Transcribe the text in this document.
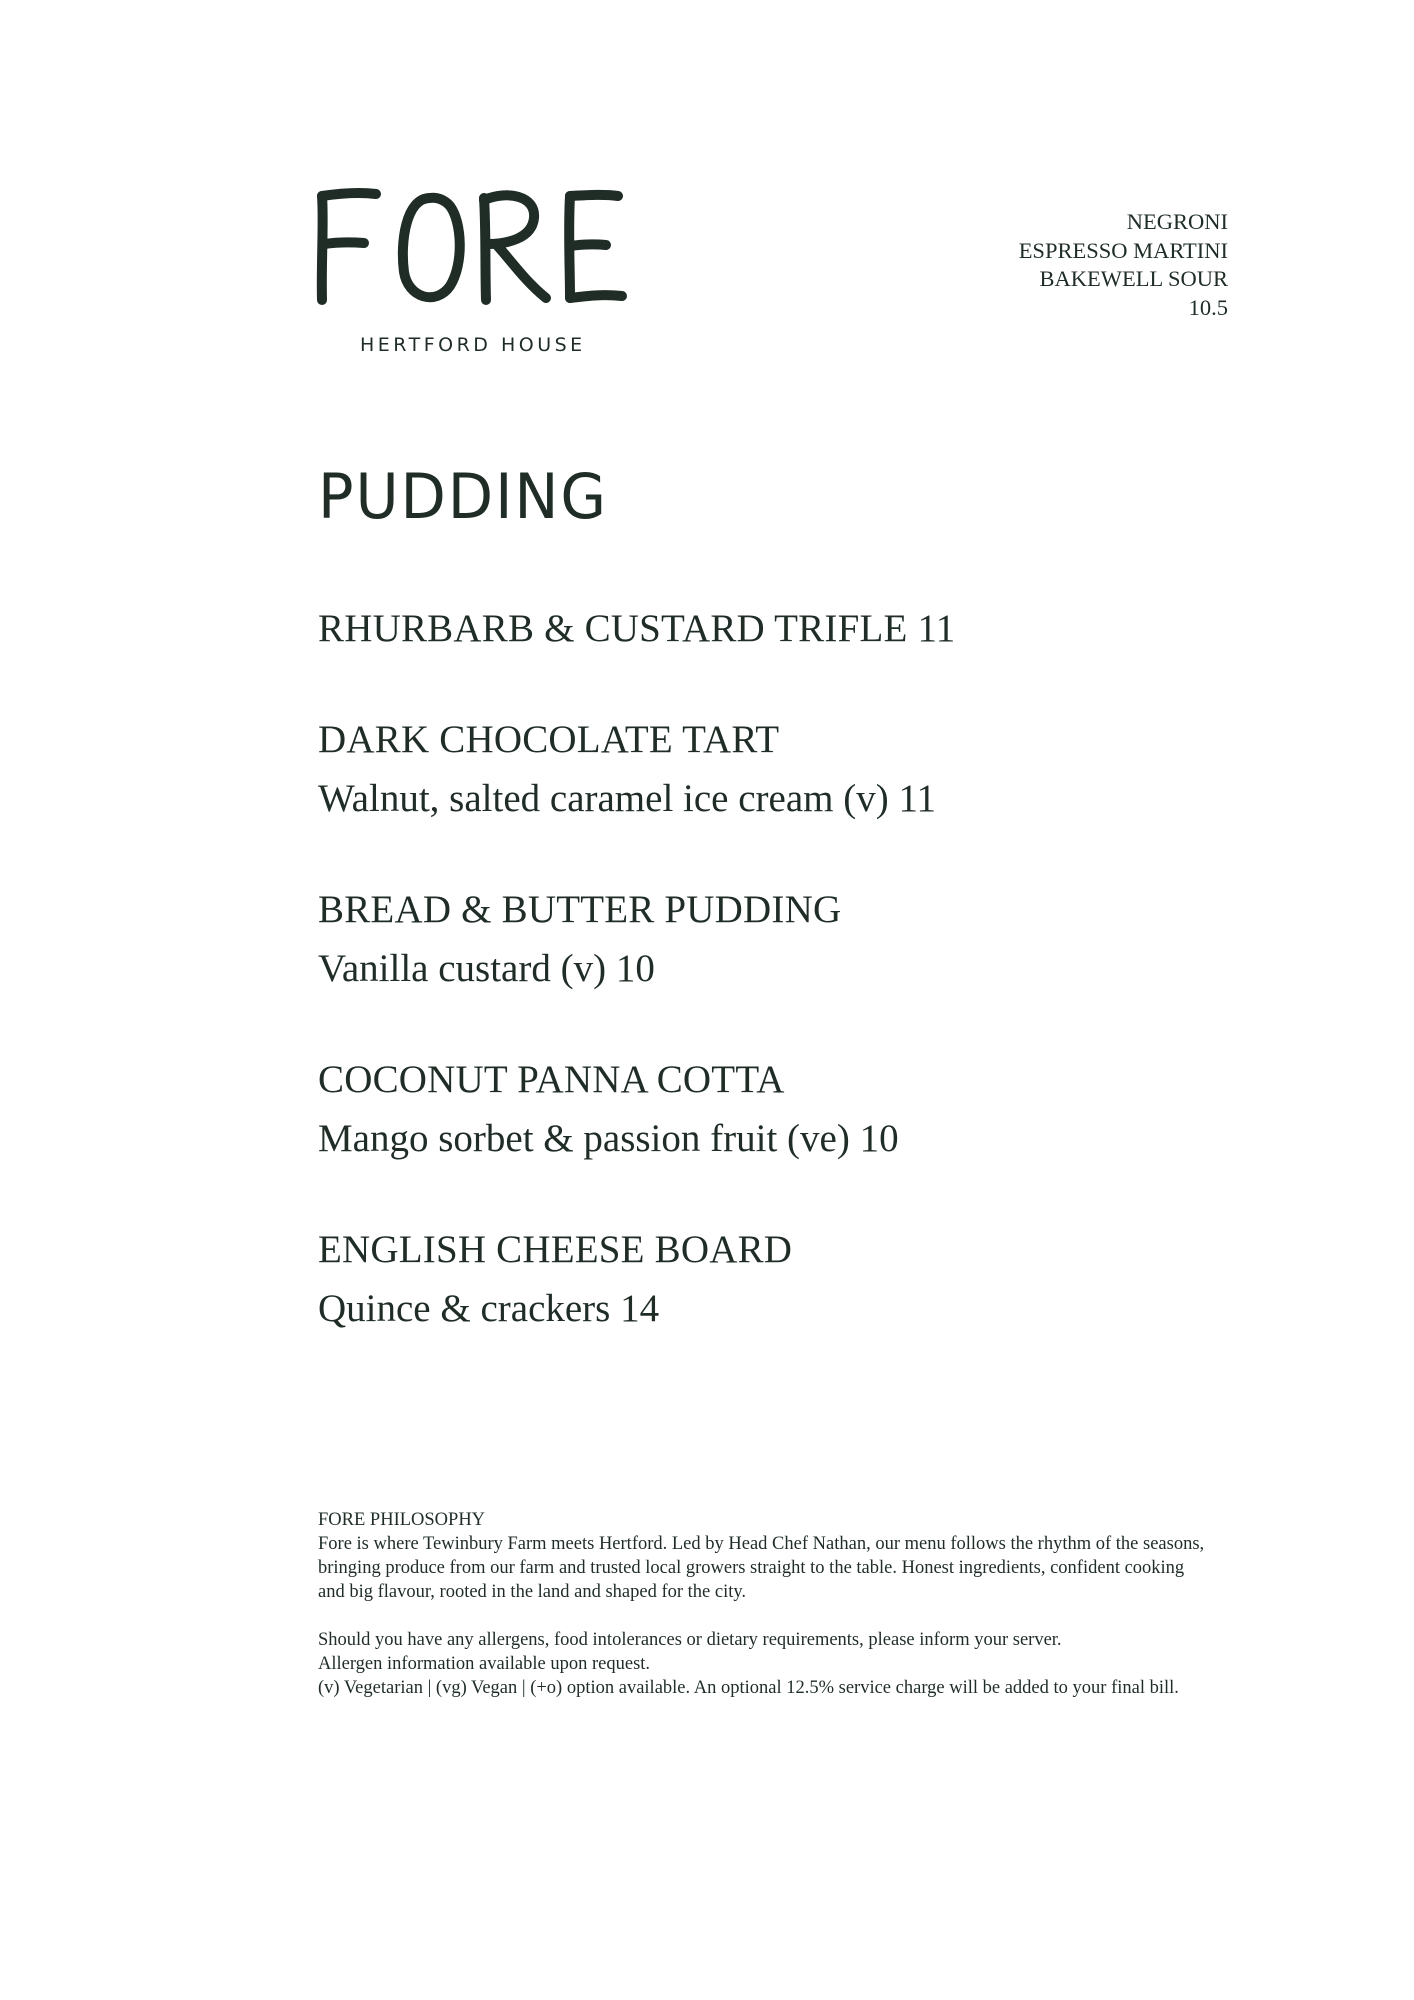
HERTFORD HOUSE
NEGRONI
ESPRESSO MARTINI
BAKEWELL SOUR
10.5
PUDDING
RHURBARB & CUSTARD TRIFLE 11
DARK CHOCOLATE TART
Walnut, salted caramel ice cream (v) 11
BREAD & BUTTER PUDDING
Vanilla custard (v) 10
COCONUT PANNA COTTA
Mango sorbet & passion fruit (ve) 10
ENGLISH CHEESE BOARD
Quince & crackers 14

FORE PHILOSOPHY

Fore is where Tewinbury Farm meets Hertford. Led by Head Chef Nathan, our menu follows the rhythm of the seasons,

bringing produce from our farm and trusted local growers straight to the table. Honest ingredients, confident cooking

and big flavour, rooted in the land and shaped for the city.

Should you have any allergens, food intolerances or dietary requirements, please inform your server.

Allergen information available upon request.

(v) Vegetarian | (vg) Vegan | (+o) option available. An optional 12.5% service charge will be added to your final bill.
